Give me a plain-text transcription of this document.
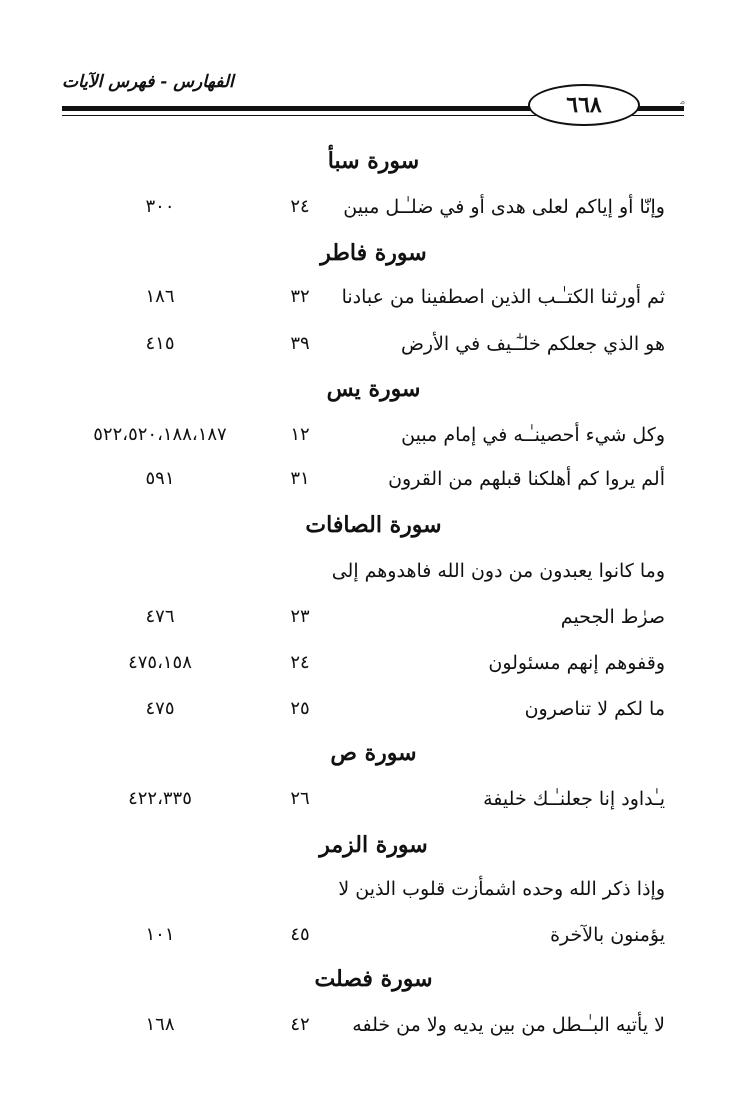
الفهارس - فهرس الآيات
٦٦٨	ﻣ
سورة سبأ
وإنّا أو إياكم لعلى هدى أو في ضلـٰـل مبين
٢٤
٣٠٠
سورة فاطر
ثم أورثنا الكتـٰـب الذين اصطفينا من عبادنا
٣٢
١٨٦
هو الذي جعلكم خلـٰٓـيف في الأرض
٣٩
٤١٥
سورة يس
وكل شيء أحصينـٰـه في إمام مبين
١٢
٥٢٢،٥٢٠،١٨٨،١٨٧
ألم يروا كم أهلكنا قبلهم من القرون
٣١
٥٩١
سورة الصافات
وما كانوا يعبدون من دون الله فاهدوهم إلى
صرٰط الجحيم
٢٣
٤٧٦
وقفوهم إنهم مسئولون
٢٤
٤٧٥،١٥٨
ما لكم لا تناصرون
٢٥
٤٧٥
سورة ص
يـٰداود إنا جعلنـٰـك خليفة
٢٦
٤٢٢،٣٣٥
سورة الزمر
وإذا ذكر الله وحده اشمأزت قلوب الذين لا
يؤمنون بالآخرة
٤٥
١٠١
سورة فصلت
لا يأتيه البـٰـطل من بين يديه ولا من خلفه
٤٢
١٦٨
